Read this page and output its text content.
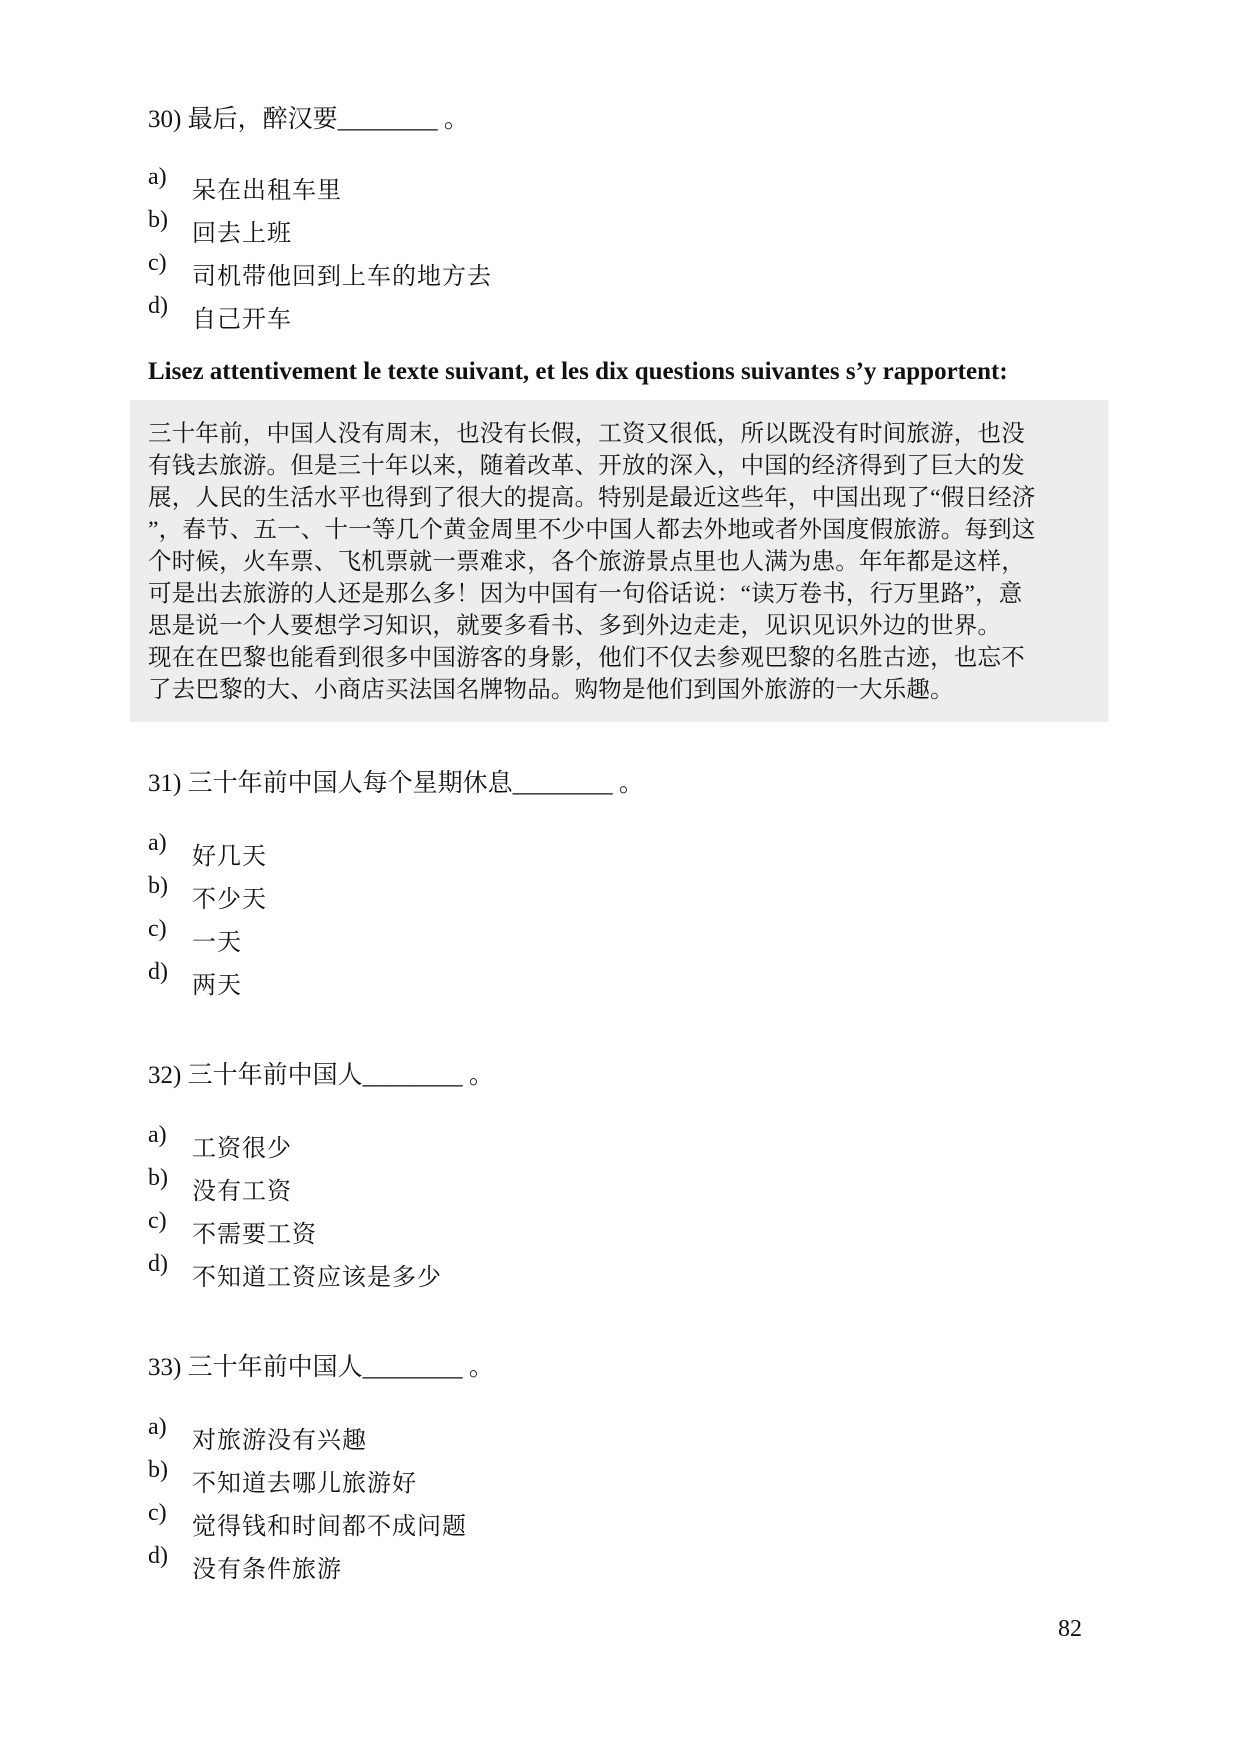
30) 最后，醉汉要________ 。
a) 呆在出租车里
b) 回去上班
c) 司机带他回到上车的地方去
d) 自己开车
Lisez attentivement le texte suivant, et les dix questions suivantes s’y rapportent:
三十年前，中国人没有周末，也没有长假，工资又很低，所以既没有时间旅游，也没
有钱去旅游。但是三十年以来，随着改革、开放的深入，中国的经济得到了巨大的发
展，人民的生活水平也得到了很大的提高。特别是最近这些年，中国出现了“假日经济
”，春节、五一、十一等几个黄金周里不少中国人都去外地或者外国度假旅游。每到这
个时候，火车票、飞机票就一票难求，各个旅游景点里也人满为患。年年都是这样，
可是出去旅游的人还是那么多！因为中国有一句俗话说：“读万卷书，行万里路”，意
思是说一个人要想学习知识，就要多看书、多到外边走走，见识见识外边的世界。
现在在巴黎也能看到很多中国游客的身影，他们不仅去参观巴黎的名胜古迹，也忘不
了去巴黎的大、小商店买法国名牌物品。购物是他们到国外旅游的一大乐趣。
31) 三十年前中国人每个星期休息________ 。
a) 好几天
b) 不少天
c) 一天
d) 两天
32) 三十年前中国人________ 。
a) 工资很少
b) 没有工资
c) 不需要工资
d) 不知道工资应该是多少
33) 三十年前中国人________ 。
a) 对旅游没有兴趣
b) 不知道去哪儿旅游好
c) 觉得钱和时间都不成问题
d) 没有条件旅游
82
